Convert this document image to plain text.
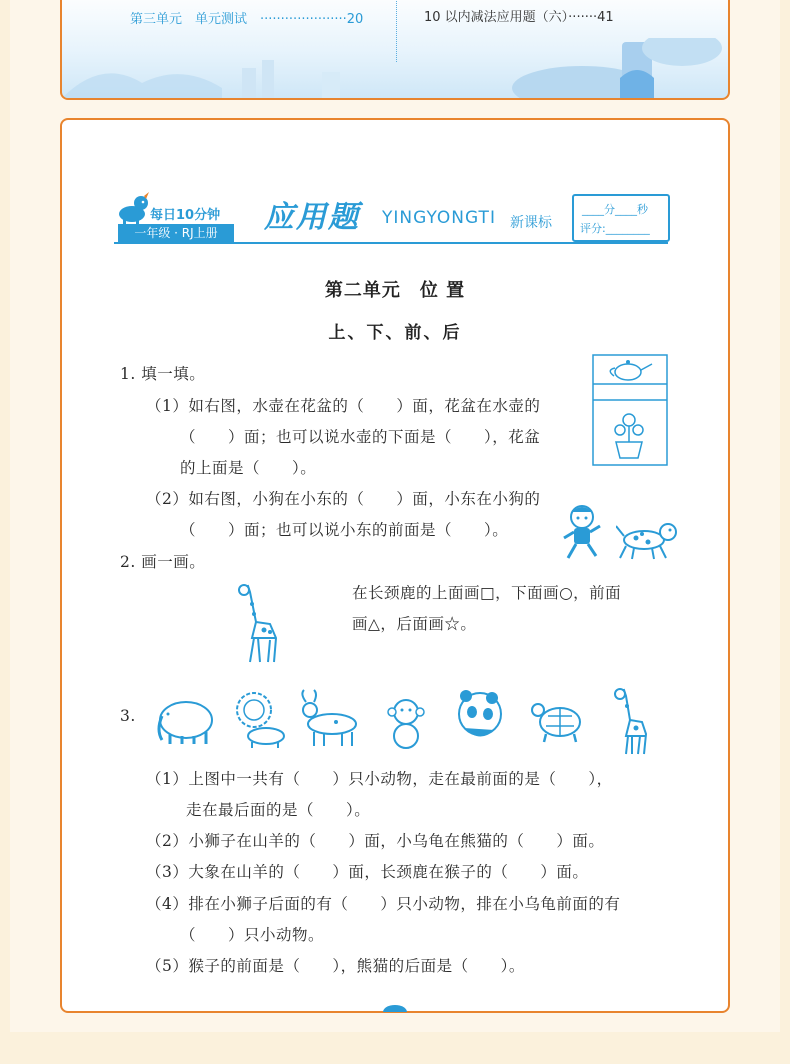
第三单元　单元测试　·····················20	10 以内减法应用题（六）·······41
每日10分钟
一年级 · RJ上册	应用题 YINGYONGTI 新课标
____分____秒
评分:________
第二单元　位 置
上、下、前、后
1. 填一填。
（1）如右图，水壶在花盆的（　　）面，花盆在水壶的
（　　）面；也可以说水壶的下面是（　　），花盆
的上面是（　　）。
（2）如右图，小狗在小东的（　　）面，小东在小狗的
（　　）面；也可以说小东的前面是（　　）。
2. 画一画。
在长颈鹿的上面画□，下面画○，前面
画△，后面画☆。
3.
（1）上图中一共有（　　）只小动物，走在最前面的是（　　），
走在最后面的是（　　）。
（2）小狮子在山羊的（　　）面，小乌龟在熊猫的（　　）面。
（3）大象在山羊的（　　）面，长颈鹿在猴子的（　　）面。
（4）排在小狮子后面的有（　　）只小动物，排在小乌龟前面的有
（　　）只小动物。
（5）猴子的前面是（　　），熊猫的后面是（　　）。
